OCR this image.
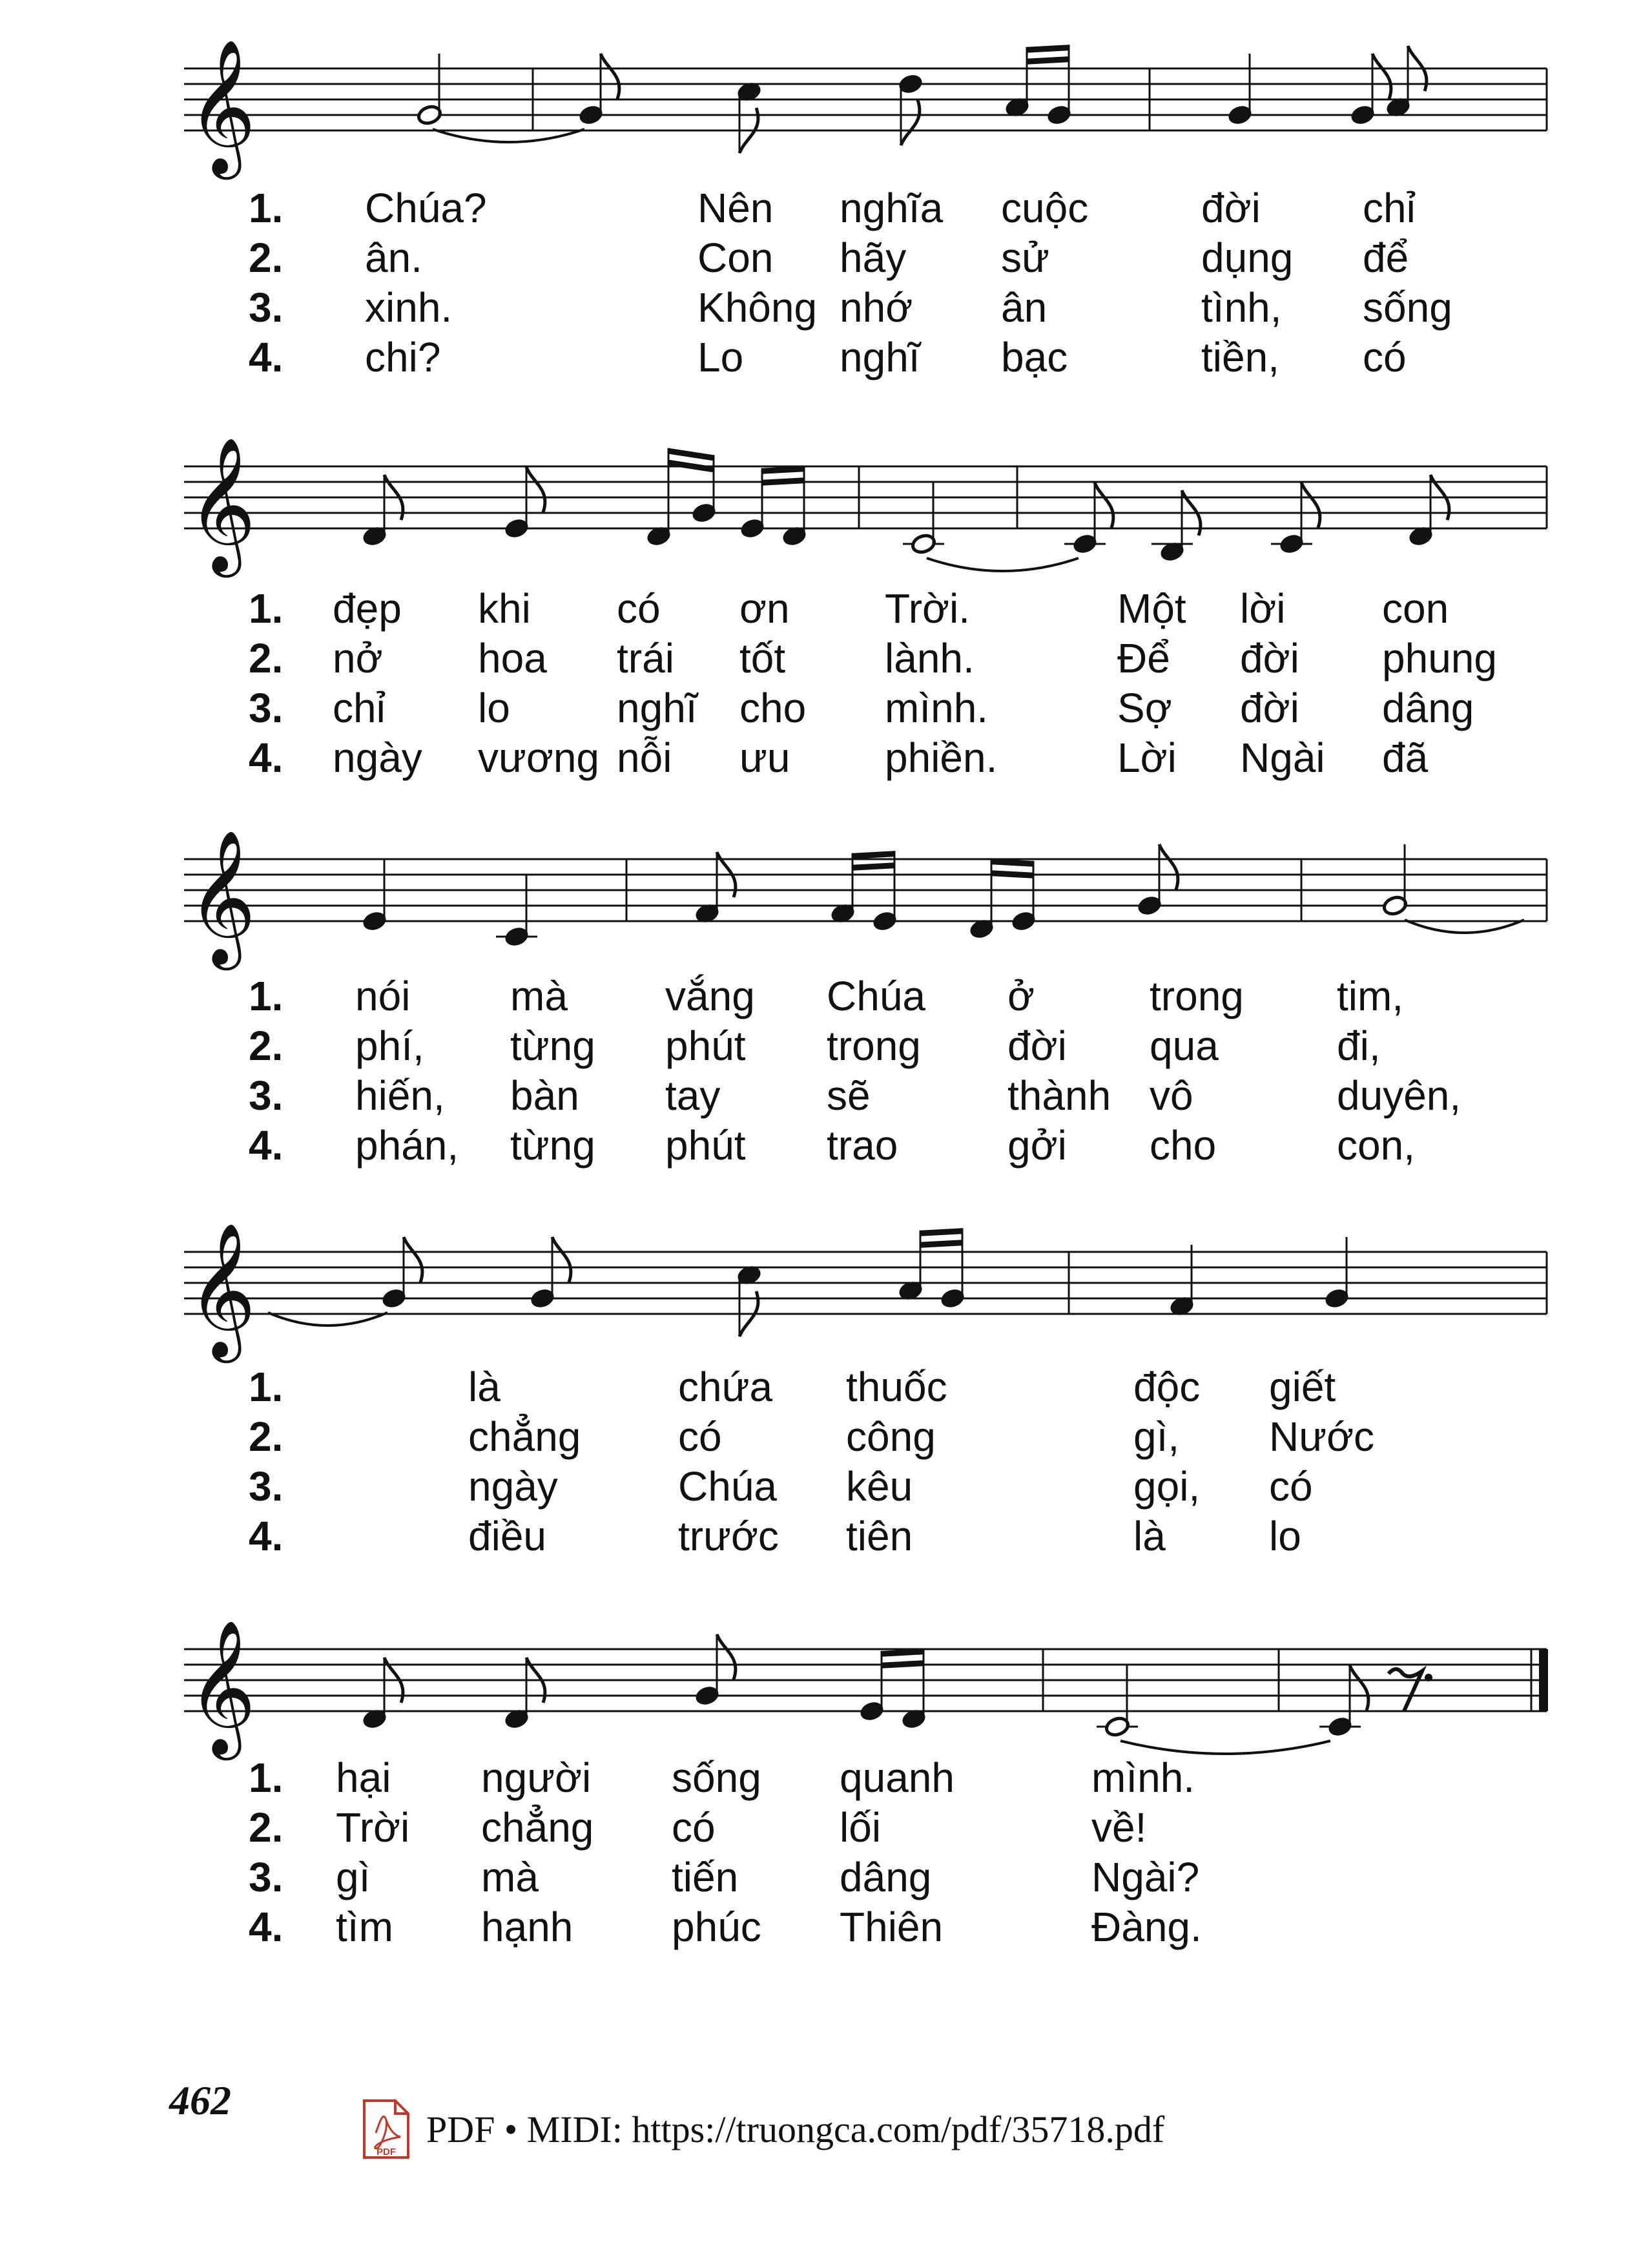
𝄞
𝄞
𝄞
𝄞
𝄞
1. Chúa?	Nên nghĩa cuộc	đời chỉ
2. ân.	Con hãy sử	dụng để
3. xinh.	Không nhớ ân	tình, sống
4. chi?	Lo nghĩ bạc	tiền, có
1. đẹp khi có ơn Trời.	Một lời con
2. nở hoa trái tốt lành.	Để đời phung
3. chỉ lo	nghĩ cho mình.	Sợ đời dâng
4. ngày vương nỗi ưu phiền.	Lời Ngài đã
1. nói mà vắng Chúa ở	trong tim,
2. phí, từng phút trong đời qua	đi,
3. hiến, bàn tay	sẽ	thành vô	duyên,
4. phán, từng phút trao	gởi cho	con,
1.	là	chứa thuốc	độc giết
2.	chẳng có	công	gì, Nước
3.	ngày	Chúa kêu	gọi, có
4.	điều	trước tiên	là	lo
1. hại người sống quanh	mình.
2. Trời chẳng có	lối	về!
3. gì	mà	tiến dâng	Ngài?
4. tìm hạnh phúc Thiên	Đàng.
462
PDF
PDF • MIDI: https://truongca.com/pdf/35718.pdf
